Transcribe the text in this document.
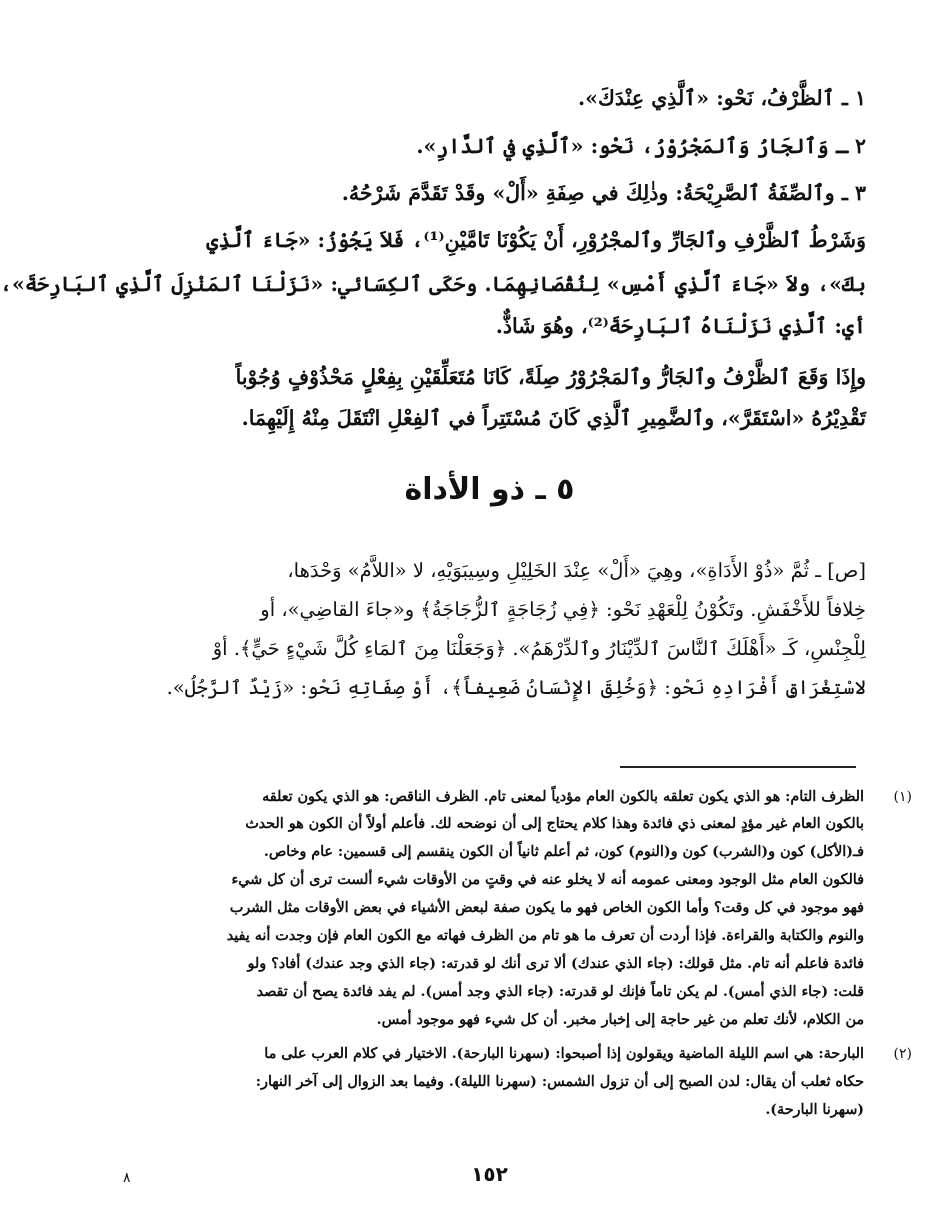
١ ـ ٱلظَّرْفُ، نَحْو: «ٱلَّذِي عِنْدَكَ».
٢ ـ وَٱلجَارُ وَٱلمَجْرُوْرُ، نَحْو: «ٱلَّذِي في ٱلدَّارِ».
٣ ـ وٱلصِّفَةُ ٱلصَّرِيْحَةُ: وذٰلِكَ في صِفَةِ «أَلْ» وقَدْ تَقَدَّمَ شَرْحُهُ.
وَشَرْطُ ٱلظَّرْفِ وٱلجَارِّ وٱلمجْرُوْرِ، أَنْ يَكُوْنَا تَامَّيْنِ⁽¹⁾، فَلاَ يَجُوْزُ: «جَاءَ ٱلَّذِي
بكَ»، ولاَ «جَاءَ ٱلَّذِي أَمْسِ» لِنُقْصَانِهِمَا. وحَكَى ٱلكِسَائي: «نَزَلْنَا ٱلمَنْزِلَ ٱلَّذِي ٱلبَارِحَةَ»،
أي: ٱلَّذِي نَزَلْنَاهُ ٱلبَارِحَةَ⁽²⁾، وهُوَ شَاذٌّ.
وإِذَا وَقَعَ ٱلظَّرْفُ وٱلجَارُّ وٱلمَجْرُوْرُ صِلَةً، كَانَا مُتَعَلِّقَيْنِ بِفِعْلٍ مَحْذُوْفٍ وُجُوْباً
تَقْدِيْرُهُ «اسْتَقَرَّ»، وٱلضَّمِيرِ ٱلَّذِي كَانَ مُسْتَتِراً في ٱلفِعْلِ انْتَقَلَ مِنْهُ إِلَيْهِمَا.
٥ ـ ذو الأداة
[ص] ـ ثُمَّ «ذُوْ الأَدَاةِ»، وهِيَ «أَلْ» عِنْدَ الخَلِيْلِ وسِيبَوَيْهِ، لا «اللاَّمُ» وَحْدَها،
خِلافاً للأَخْفَشِ. وتَكُوْنُ لِلْعَهْدِ نَحْو: ﴿فِي زُجَاجَةٍ ٱلزُّجَاجَةُ﴾ و«جاءَ القاضِي»، أو
لِلْجِنْسِ، كَـ «أَهْلَكَ ٱلنَّاسَ ٱلدِّيْنَارُ وٱلدِّرْهَمُ». ﴿وَجَعَلْنَا مِنَ ٱلمَاءِ كُلَّ شَيْءٍ حَيٍّ﴾. أوْ
لاسْتِغْرَاقِ أَفْرَادِهِ نَحْو: ﴿وَخُلِقَ الإِنْسَانُ ضَعِيفاً﴾، أَوْ صِفَاتِهِ نَحْو: «زَيْدٌ ٱلرَّجُلُ».
(١)
الظرف التام: هو الذي يكون تعلقه بالكون العام مؤدياً لمعنى تام. الظرف الناقص: هو الذي يكون تعلقه
بالكون العام غير مؤدٍ لمعنى ذي فائدة وهذا كلام يحتاج إلى أن نوضحه لك. فأعلم أولاً أن الكون هو الحدث
فـ(الأكل) كون و(الشرب) كون و(النوم) كون، ثم أعلم ثانياً أن الكون ينقسم إلى قسمين: عام وخاص.
فالكون العام مثل الوجود ومعنى عمومه أنه لا يخلو عنه في وقتٍ من الأوقات شيء ألست ترى أن كل شيء
فهو موجود في كل وقت؟ وأما الكون الخاص فهو ما يكون صفة لبعض الأشياء في بعض الأوقات مثل الشرب
والنوم والكتابة والقراءة. فإذا أردت أن تعرف ما هو تام من الظرف فهاته مع الكون العام فإن وجدت أنه يفيد
فائدة فاعلم أنه تام. مثل قولك: (جاء الذي عندك) ألا ترى أنك لو قدرته: (جاء الذي وجد عندك) أفاد؟ ولو
قلت: (جاء الذي أمس). لم يكن تاماً فإنك لو قدرته: (جاء الذي وجد أمس). لم يفد فائدة يصح أن تقصد
من الكلام، لأنك تعلم من غير حاجة إلى إخبار مخبر. أن كل شيء فهو موجود أمس.
(٢)
البارحة: هي اسم الليلة الماضية ويقولون إذا أصبحوا: (سهرنا البارحة). الاختيار في كلام العرب على ما
حكاه ثعلب أن يقال: لدن الصبح إلى أن تزول الشمس: (سهرنا الليلة). وفيما بعد الزوال إلى آخر النهار:
(سهرنا البارحة).
١٥٢
٨
